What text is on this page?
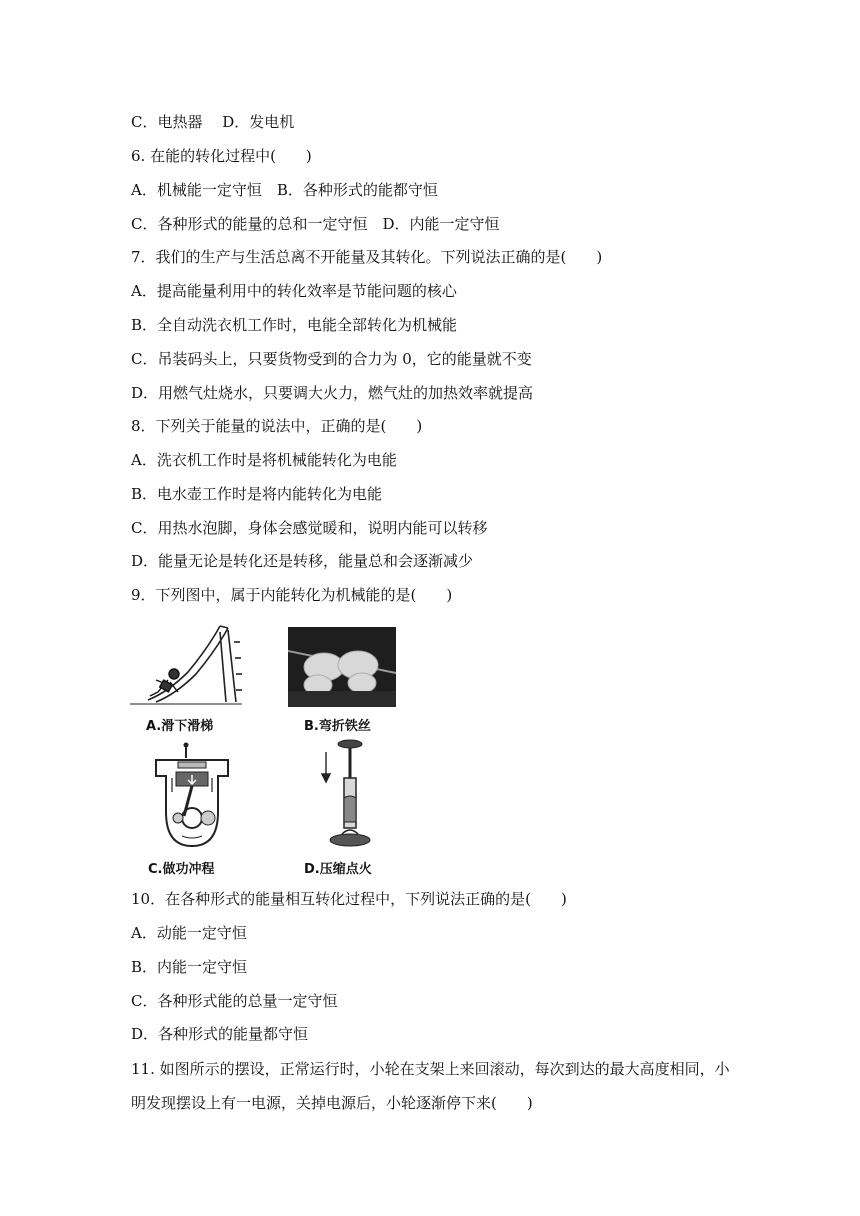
C．电热器　 D．发电机
6. 在能的转化过程中(　　)
A．机械能一定守恒　B．各种形式的能都守恒
C．各种形式的能量的总和一定守恒　D．内能一定守恒
7．我们的生产与生活总离不开能量及其转化。下列说法正确的是(　　)
A．提高能量利用中的转化效率是节能问题的核心
B．全自动洗衣机工作时，电能全部转化为机械能
C．吊装码头上，只要货物受到的合力为 0，它的能量就不变
D．用燃气灶烧水，只要调大火力，燃气灶的加热效率就提高
8．下列关于能量的说法中，正确的是(　　)
A．洗衣机工作时是将机械能转化为电能
B．电水壶工作时是将内能转化为电能
C．用热水泡脚，身体会感觉暖和，说明内能可以转移
D．能量无论是转化还是转移，能量总和会逐渐减少
9．下列图中，属于内能转化为机械能的是(　　)
10．在各种形式的能量相互转化过程中，下列说法正确的是(　　)
A．动能一定守恒
B．内能一定守恒
C．各种形式能的总量一定守恒
D．各种形式的能量都守恒
11. 如图所示的摆设，正常运行时，小轮在支架上来回滚动，每次到达的最大高度相同，小
明发现摆设上有一电源，关掉电源后，小轮逐渐停下来(　　)
A.滑下滑梯	B.弯折铁丝
C.做功冲程	D.压缩点火
